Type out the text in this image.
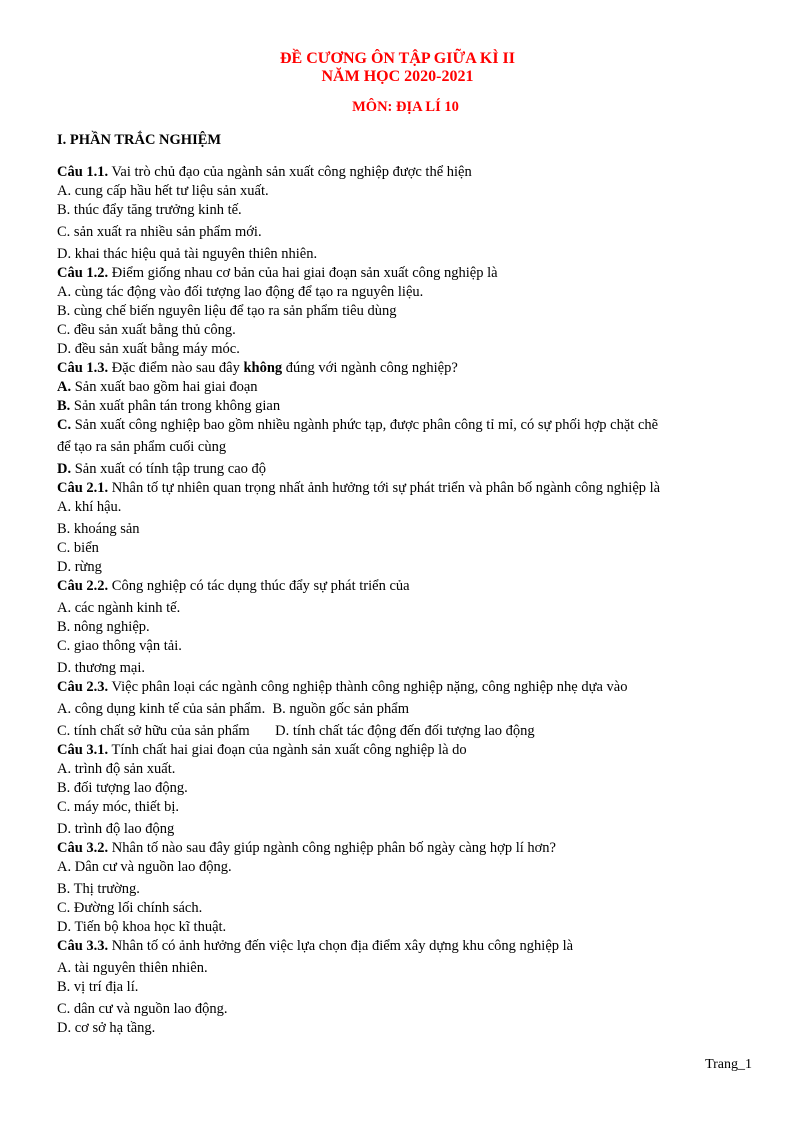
ĐỀ CƯƠNG ÔN TẬP GIỮA KÌ II
NĂM HỌC 2020-2021
MÔN: ĐỊA LÍ 10
I. PHẦN TRẮC NGHIỆM
Câu 1.1. Vai trò chủ đạo của ngành sản xuất công nghiệp được thể hiện
A. cung cấp hầu hết tư liệu sản xuất.
B. thúc đẩy tăng trưởng kinh tế.
C. sản xuất ra nhiều sản phẩm mới.
D. khai thác hiệu quả tài nguyên thiên nhiên.
Câu 1.2. Điểm giống nhau cơ bản của hai giai đoạn sản xuất công nghiệp là
A. cùng tác động vào đối tượng lao động để tạo ra nguyên liệu.
B. cùng chế biến nguyên liệu để tạo ra sản phẩm tiêu dùng
C. đều sản xuất bằng thủ công.
D. đều sản xuất bằng máy móc.
Câu 1.3. Đặc điểm nào sau đây không đúng với ngành công nghiệp?
A. Sản xuất bao gồm hai giai đoạn
B. Sản xuất phân tán trong không gian
C. Sản xuất công nghiệp bao gồm nhiều ngành phức tạp, được phân công tỉ mỉ, có sự phối hợp chặt chẽ
để tạo ra sản phẩm cuối cùng
D. Sản xuất có tính tập trung cao độ
Câu 2.1. Nhân tố tự nhiên quan trọng nhất ảnh hưởng tới sự phát triển và phân bố ngành công nghiệp là
A. khí hậu.
B. khoáng sản
C. biển
D. rừng
Câu 2.2. Công nghiệp có tác dụng thúc đẩy sự phát triển của
A. các ngành kinh tế.
B. nông nghiệp.
C. giao thông vận tải.
D. thương mại.
Câu 2.3. Việc phân loại các ngành công nghiệp thành công nghiệp nặng, công nghiệp nhẹ dựa vào
A. công dụng kinh tế của sản phẩm. B. nguồn gốc sản phẩm
C. tính chất sở hữu của sản phẩm D. tính chất tác động đến đối tượng lao động
Câu 3.1. Tính chất hai giai đoạn của ngành sản xuất công nghiệp là do
A. trình độ sản xuất.
B. đối tượng lao động.
C. máy móc, thiết bị.
D. trình độ lao động
Câu 3.2. Nhân tố nào sau đây giúp ngành công nghiệp phân bố ngày càng hợp lí hơn?
A. Dân cư và nguồn lao động.
B. Thị trường.
C. Đường lối chính sách.
D. Tiến bộ khoa học kĩ thuật.
Câu 3.3. Nhân tố có ảnh hưởng đến việc lựa chọn địa điểm xây dựng khu công nghiệp là
A. tài nguyên thiên nhiên.
B. vị trí địa lí.
C. dân cư và nguồn lao động.
D. cơ sở hạ tầng.
Trang_1
